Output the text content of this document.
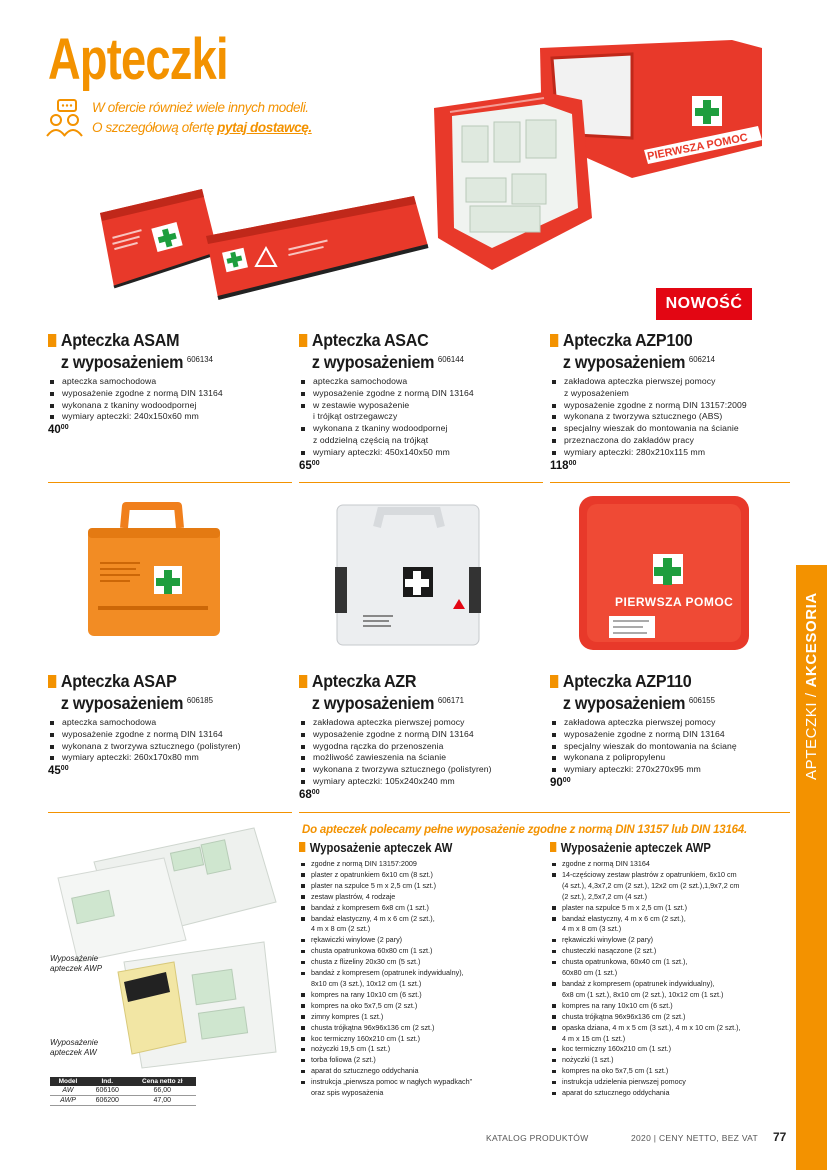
Apteczki
W ofercie również wiele innych modeli.
O szczegółową ofertę pytaj dostawcę.
PIERWSZA POMOC
NOWOŚĆ
Apteczka ASAM
z wyposażeniem $^{606134}$
apteczka samochodowa
wyposażenie zgodne z normą DIN 13164
wykonana z tkaniny wodoodpornej
wymiary apteczki: 240x150x60 mm
$40^{00}$
Apteczka ASAC
z wyposażeniem $^{606144}$
apteczka samochodowa
wyposażenie zgodne z normą DIN 13164
w zestawie wyposażenie
i trójkąt ostrzegawczy
wykonana z tkaniny wodoodpornej
z oddzielną częścią na trójkąt
wymiary apteczki: 450x140x50 mm
$65^{00}$
Apteczka AZP100
z wyposażeniem $^{606214}$
zakładowa apteczka pierwszej pomocy
z wyposażeniem
wyposażenie zgodne z normą DIN 13157:2009
wykonana z tworzywa sztucznego (ABS)
specjalny wieszak do montowania na ścianie
przeznaczona do zakładów pracy
wymiary apteczki: 280x210x115 mm
$118^{00}$
PIERWSZA POMOC
Apteczka ASAP
z wyposażeniem $^{606185}$
apteczka samochodowa
wyposażenie zgodne z normą DIN 13164
wykonana z tworzywa sztucznego (polistyren)
wymiary apteczki: 260x170x80 mm
$45^{00}$
Apteczka AZR
z wyposażeniem $^{606171}$
zakładowa apteczka pierwszej pomocy
wyposażenie zgodne z normą DIN 13164
wygodna rączka do przenoszenia
możliwość zawieszenia na ścianie
wykonana z tworzywa sztucznego (polistyren)
wymiary apteczki: 105x240x240 mm
$68^{00}$
Apteczka AZP110
z wyposażeniem $^{606155}$
zakładowa apteczka pierwszej pomocy
wyposażenie zgodne z normą DIN 13164
specjalny wieszak do montowania na ścianę
wykonana z polipropylenu
wymiary apteczki: 270x270x95 mm
$90^{00}$
Wyposażenie
apteczek AWP
Wyposażenie
apteczek AW
Model	Ind.	Cena netto zł
AW	606160	66,00
AWP	606200	47,00
Do apteczek polecamy pełne wyposażenie zgodne z normą DIN 13157 lub DIN 13164.
Wyposażenie apteczek AW
zgodne z normą DIN 13157:2009
plaster z opatrunkiem 6x10 cm (8 szt.)
plaster na szpulce 5 m x 2,5 cm (1 szt.)
zestaw plastrów, 4 rodzaje
bandaż z kompresem 6x8 cm (1 szt.)
bandaż elastyczny, 4 m x 6 cm (2 szt.),
4 m x 8 cm (2 szt.)
rękawiczki winylowe (2 pary)
chusta opatrunkowa 60x80 cm (1 szt.)
chusta z flizeliny 20x30 cm (5 szt.)
bandaż z kompresem (opatrunek indywidualny),
8x10 cm (3 szt.), 10x12 cm (1 szt.)
kompres na rany 10x10 cm (6 szt.)
kompres na oko 5x7,5 cm (2 szt.)
zimny kompres (1 szt.)
chusta trójkątna 96x96x136 cm (2 szt.)
koc termiczny 160x210 cm (1 szt.)
nożyczki 19,5 cm (1 szt.)
torba foliowa (2 szt.)
aparat do sztucznego oddychania
instrukcja „pierwsza pomoc w nagłych wypadkach”
oraz spis wyposażenia
Wyposażenie apteczek AWP
zgodne z normą DIN 13164
14-częściowy zestaw plastrów z opatrunkiem, 6x10 cm
(4 szt.), 4,3x7,2 cm (2 szt.), 12x2 cm (2 szt.),1,9x7,2 cm
(2 szt.), 2,5x7,2 cm (4 szt.)
plaster na szpulce 5 m x 2,5 cm (1 szt.)
bandaż elastyczny, 4 m x 6 cm (2 szt.),
4 m x 8 cm (3 szt.)
rękawiczki winylowe (2 pary)
chusteczki nasączone (2 szt.)
chusta opatrunkowa, 60x40 cm (1 szt.),
60x80 cm (1 szt.)
bandaż z kompresem (opatrunek indywidualny),
6x8 cm (1 szt.), 8x10 cm (2 szt.), 10x12 cm (1 szt.)
kompres na rany 10x10 cm (6 szt.)
chusta trójkątna 96x96x136 cm (2 szt.)
opaska dziana, 4 m x 5 cm (3 szt.), 4 m x 10 cm (2 szt.),
4 m x 15 cm (1 szt.)
koc termiczny 160x210 cm (1 szt.)
nożyczki (1 szt.)
kompres na oko 5x7,5 cm (1 szt.)
instrukcja udzielenia pierwszej pomocy
aparat do sztucznego oddychania
APTECZKI / AKCESORIA
KATALOG PRODUKTÓW	2020 | CENY NETTO, BEZ VAT 77
